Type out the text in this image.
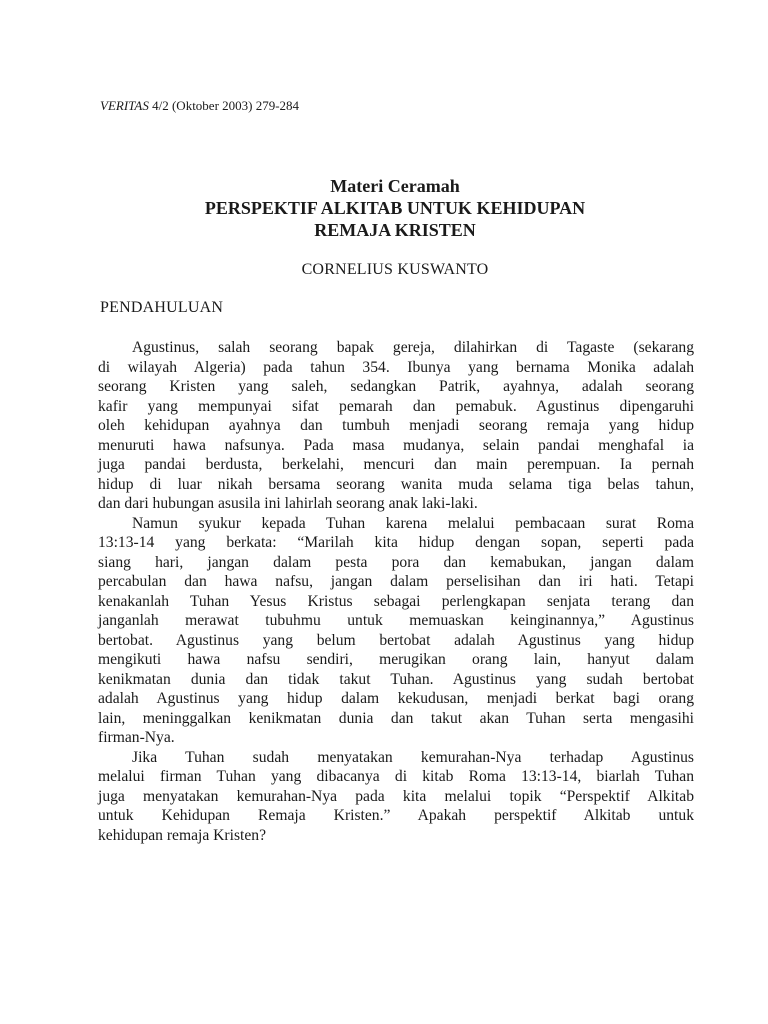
VERITAS 4/2 (Oktober 2003) 279-284
Materi Ceramah
PERSPEKTIF ALKITAB UNTUK KEHIDUPAN
REMAJA KRISTEN
CORNELIUS KUSWANTO
PENDAHULUAN
Agustinus, salah seorang bapak gereja, dilahirkan di Tagaste (sekarang
di wilayah Algeria) pada tahun 354. Ibunya yang bernama Monika adalah
seorang Kristen yang saleh, sedangkan Patrik, ayahnya, adalah seorang
kafir yang mempunyai sifat pemarah dan pemabuk. Agustinus dipengaruhi
oleh kehidupan ayahnya dan tumbuh menjadi seorang remaja yang hidup
menuruti hawa nafsunya. Pada masa mudanya, selain pandai menghafal ia
juga pandai berdusta, berkelahi, mencuri dan main perempuan. Ia pernah
hidup di luar nikah bersama seorang wanita muda selama tiga belas tahun,
dan dari hubungan asusila ini lahirlah seorang anak laki-laki.
Namun syukur kepada Tuhan karena melalui pembacaan surat Roma
13:13-14 yang berkata: “Marilah kita hidup dengan sopan, seperti pada
siang hari, jangan dalam pesta pora dan kemabukan, jangan dalam
percabulan dan hawa nafsu, jangan dalam perselisihan dan iri hati. Tetapi
kenakanlah Tuhan Yesus Kristus sebagai perlengkapan senjata terang dan
janganlah merawat tubuhmu untuk memuaskan keinginannya,” Agustinus
bertobat. Agustinus yang belum bertobat adalah Agustinus yang hidup
mengikuti hawa nafsu sendiri, merugikan orang lain, hanyut dalam
kenikmatan dunia dan tidak takut Tuhan. Agustinus yang sudah bertobat
adalah Agustinus yang hidup dalam kekudusan, menjadi berkat bagi orang
lain, meninggalkan kenikmatan dunia dan takut akan Tuhan serta mengasihi
firman-Nya.
Jika Tuhan sudah menyatakan kemurahan-Nya terhadap Agustinus
melalui firman Tuhan yang dibacanya di kitab Roma 13:13-14, biarlah Tuhan
juga menyatakan kemurahan-Nya pada kita melalui topik “Perspektif Alkitab
untuk Kehidupan Remaja Kristen.” Apakah perspektif Alkitab untuk
kehidupan remaja Kristen?
